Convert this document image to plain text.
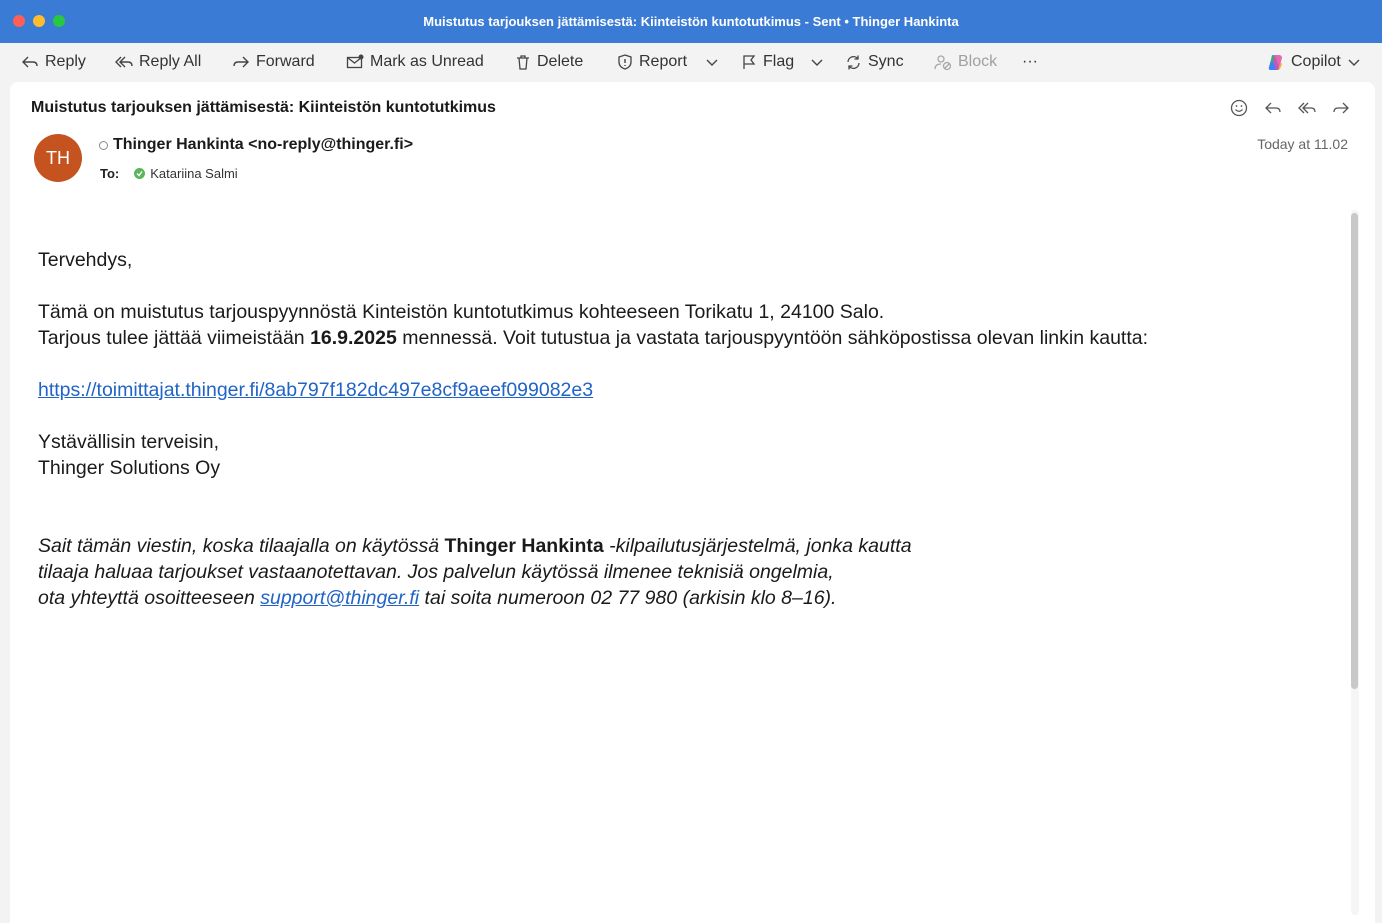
Muistutus tarjouksen jättämisestä: Kiinteistön kuntotutkimus - Sent • Thinger Hankinta
Reply	Reply All	Forward	Mark as Unread	Delete	Report	Flag	Sync	Block ···	Copilot
Muistutus tarjouksen jättämisestä: Kiinteistön kuntotutkimus
TH
Thinger Hankinta <no-reply@thinger.fi>
To: Katariina Salmi
Today at 11.02

Tervehdys,

Tämä on muistutus tarjouspyynnöstä Kinteistön kuntotutkimus kohteeseen Torikatu 1, 24100 Salo.

Tarjous tulee jättää viimeistään 16.9.2025 mennessä. Voit tutustua ja vastata tarjouspyyntöön sähköpostissa olevan linkin kautta:

https://toimittajat.thinger.fi/8ab797f182dc497e8cf9aeef099082e3

Ystävällisin terveisin,

Thinger Solutions Oy

Sait tämän viestin, koska tilaajalla on käytössä Thinger Hankinta -kilpailutusjärjestelmä, jonka kautta

tilaaja haluaa tarjoukset vastaanotettavan. Jos palvelun käytössä ilmenee teknisiä ongelmia,

ota yhteyttä osoitteeseen support@thinger.fi tai soita numeroon 02 77 980 (arkisin klo 8–16).
